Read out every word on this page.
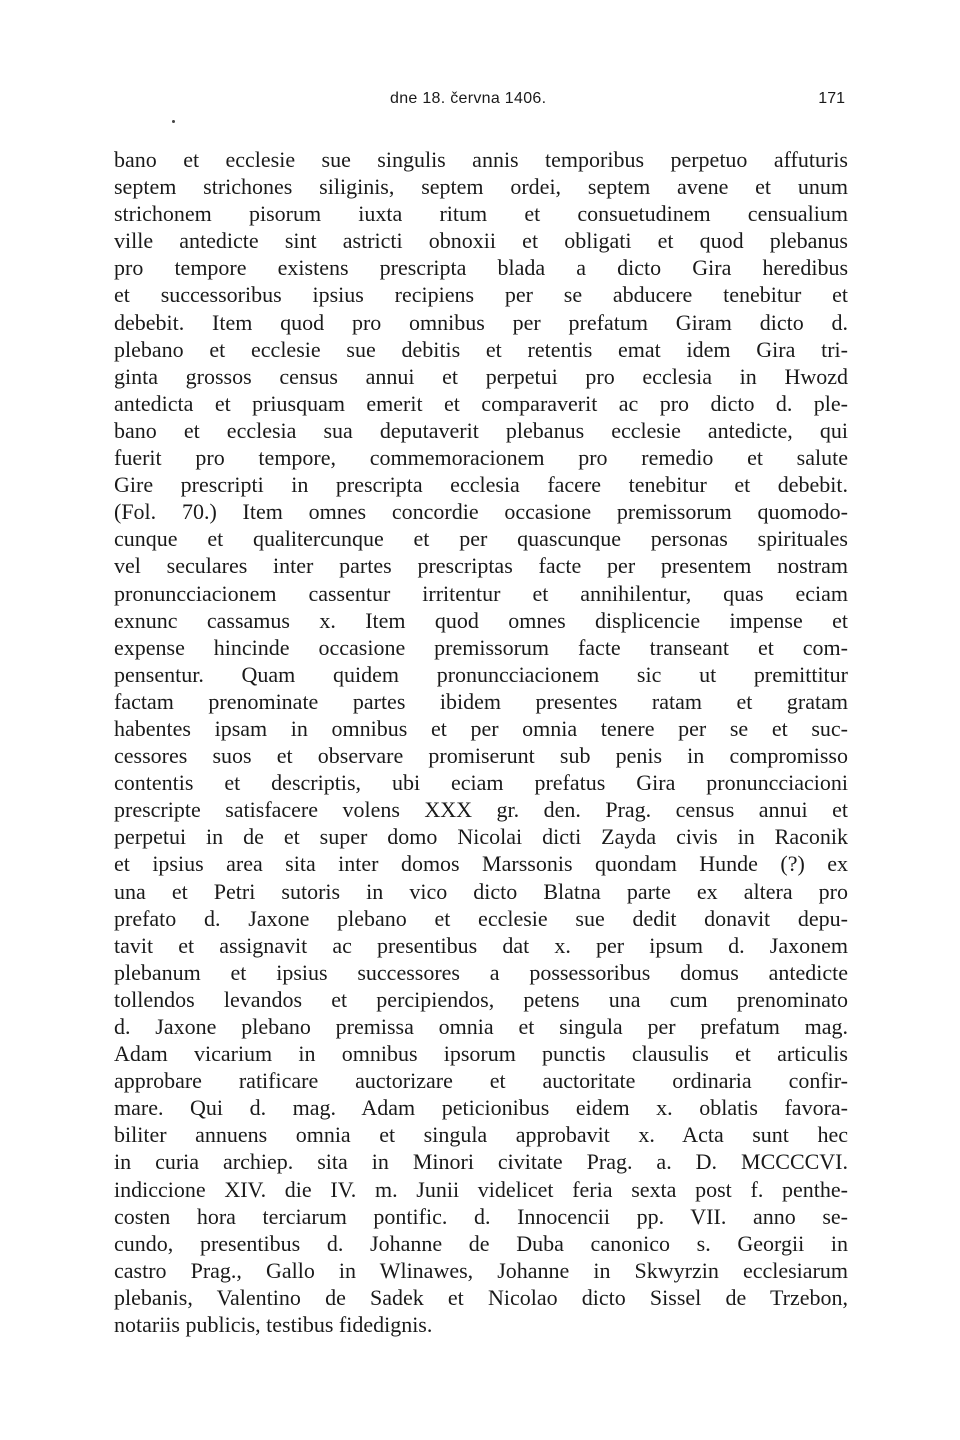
dne 18. června 1406.	171
bano et ecclesie sue singulis annis temporibus perpetuo affuturis
septem strichones siliginis, septem ordei, septem avene et unum
strichonem pisorum iuxta ritum et consuetudinem censualium
ville antedicte sint astricti obnoxii et obligati et quod plebanus
pro tempore existens prescripta blada a dicto Gira heredibus
et successoribus ipsius recipiens per se abducere tenebitur et
debebit. Item quod pro omnibus per prefatum Giram dicto d.
plebano et ecclesie sue debitis et retentis emat idem Gira tri-
ginta grossos census annui et perpetui pro ecclesia in Hwozd
antedicta et priusquam emerit et comparaverit ac pro dicto d. ple-
bano et ecclesia sua deputaverit plebanus ecclesie antedicte, qui
fuerit pro tempore, commemoracionem pro remedio et salute
Gire prescripti in prescripta ecclesia facere tenebitur et debebit.
(Fol. 70.) Item omnes concordie occasione premissorum quomodo-
cunque et qualitercunque et per quascunque personas spirituales
vel seculares inter partes prescriptas facte per presentem nostram
pronuncciacionem cassentur irritentur et annihilentur, quas eciam
exnunc cassamus x. Item quod omnes displicencie impense et
expense hincinde occasione premissorum facte transeant et com-
pensentur. Quam quidem pronuncciacionem sic ut premittitur
factam prenominate partes ibidem presentes ratam et gratam
habentes ipsam in omnibus et per omnia tenere per se et suc-
cessores suos et observare promiserunt sub penis in compromisso
contentis et descriptis, ubi eciam prefatus Gira pronuncciacioni
prescripte satisfacere volens XXX gr. den. Prag. census annui et
perpetui in de et super domo Nicolai dicti Zayda civis in Raconik
et ipsius area sita inter domos Marssonis quondam Hunde (?) ex
una et Petri sutoris in vico dicto Blatna parte ex altera pro
prefato d. Jaxone plebano et ecclesie sue dedit donavit depu-
tavit et assignavit ac presentibus dat x. per ipsum d. Jaxonem
plebanum et ipsius successores a possessoribus domus antedicte
tollendos levandos et percipiendos, petens una cum prenominato
d. Jaxone plebano premissa omnia et singula per prefatum mag.
Adam vicarium in omnibus ipsorum punctis clausulis et articulis
approbare ratificare auctorizare et auctoritate ordinaria confir-
mare. Qui d. mag. Adam peticionibus eidem x. oblatis favora-
biliter annuens omnia et singula approbavit x. Acta sunt hec
in curia archiep. sita in Minori civitate Prag. a. D. MCCCCVI.
indiccione XIV. die IV. m. Junii videlicet feria sexta post f. penthe-
costen hora terciarum pontific. d. Innocencii pp. VII. anno se-
cundo, presentibus d. Johanne de Duba canonico s. Georgii in
castro Prag., Gallo in Wlinawes, Johanne in Skwyrzin ecclesiarum
plebanis, Valentino de Sadek et Nicolao dicto Sissel de Trzebon,
notariis publicis, testibus fidedignis.
